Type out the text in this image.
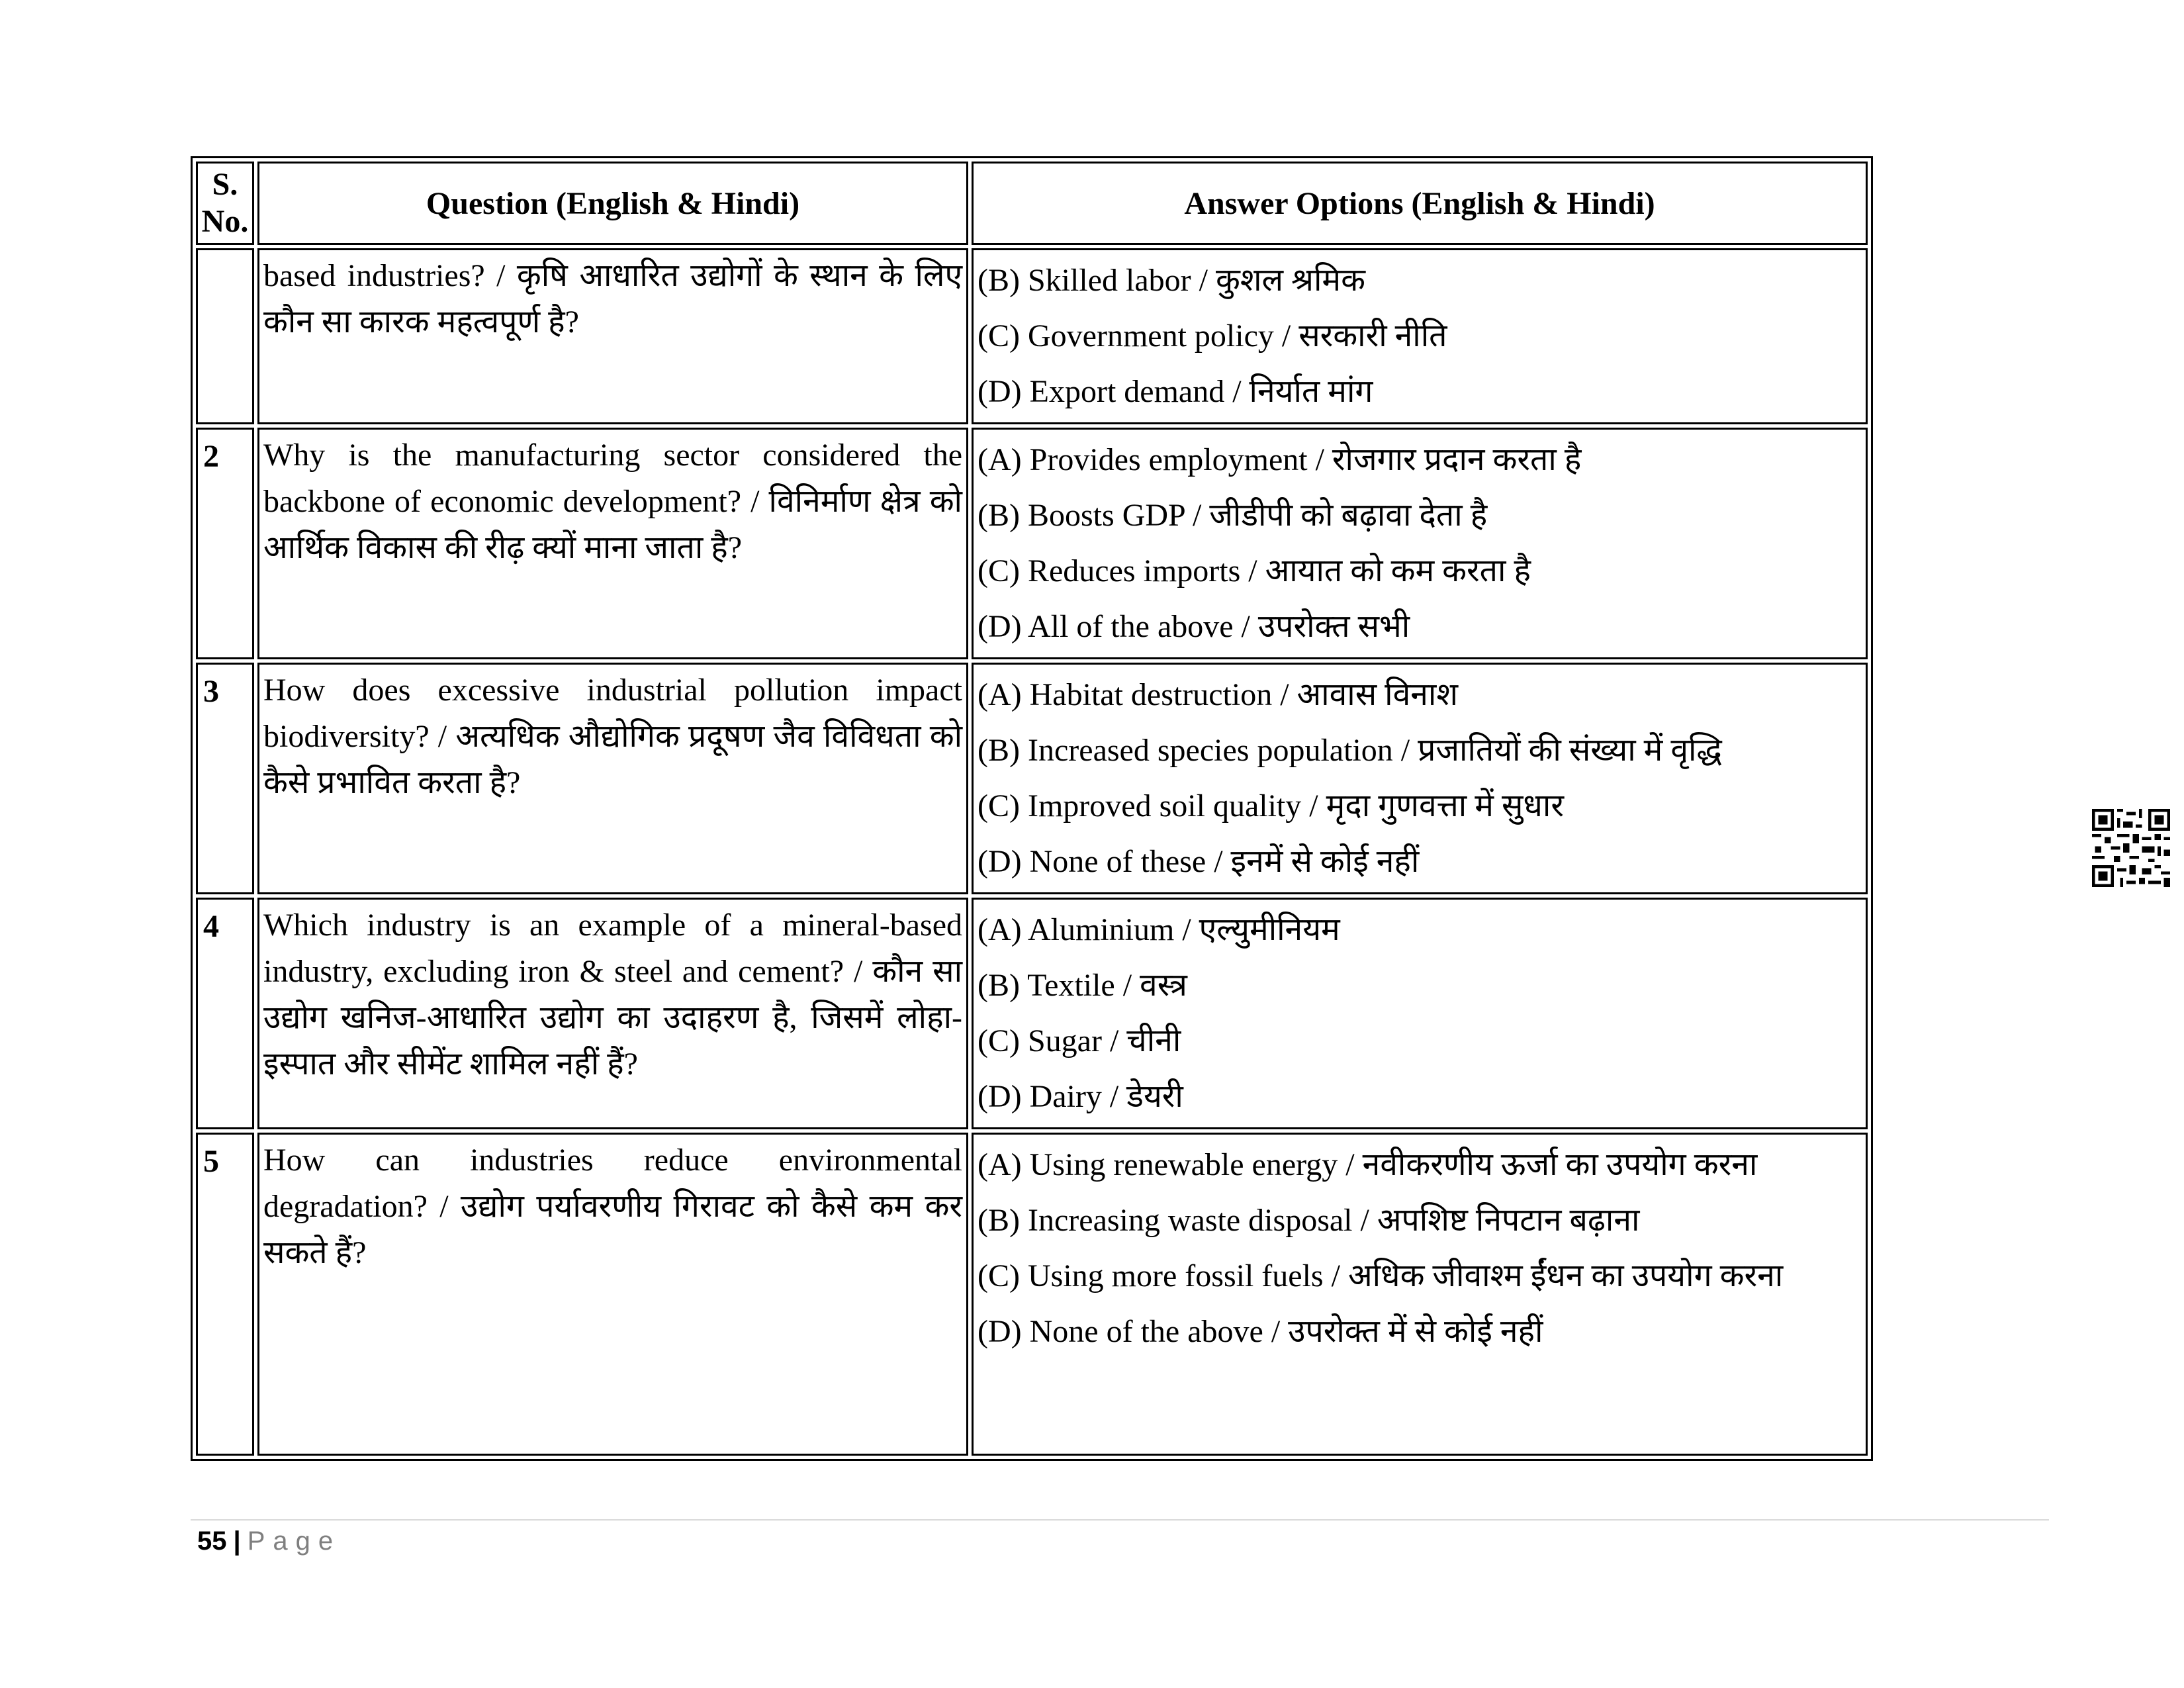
S. No.	Question (English & Hindi)	Answer Options (English & Hindi)
	based industries? / कृषि आधारित उद्योगों के स्थान के लिए कौन सा कारक महत्वपूर्ण है?	(B) Skilled labor / कुशल श्रमिक
(C) Government policy / सरकारी नीति
(D) Export demand / निर्यात मांग

2	Why is the manufacturing sector considered the backbone of economic development? / विनिर्माण क्षेत्र को आर्थिक विकास की रीढ़ क्यों माना जाता है?	(A) Provides employment / रोजगार प्रदान करता है
(B) Boosts GDP / जीडीपी को बढ़ावा देता है
(C) Reduces imports / आयात को कम करता है
(D) All of the above / उपरोक्त सभी

3	How does excessive industrial pollution impact biodiversity? / अत्यधिक औद्योगिक प्रदूषण जैव विविधता को कैसे प्रभावित करता है?	(A) Habitat destruction / आवास विनाश
(B) Increased species population / प्रजातियों की संख्या में वृद्धि
(C) Improved soil quality / मृदा गुणवत्ता में सुधार
(D) None of these / इनमें से कोई नहीं

4	Which industry is an example of a mineral-based industry, excluding iron & steel and cement? / कौन सा उद्योग खनिज-आधारित उद्योग का उदाहरण है, जिसमें लोहा-इस्पात और सीमेंट शामिल नहीं हैं?	(A) Aluminium / एल्युमीनियम
(B) Textile / वस्त्र
(C) Sugar / चीनी
(D) Dairy / डेयरी

5	How can industries reduce environmental degradation? / उद्योग पर्यावरणीय गिरावट को कैसे कम कर सकते हैं?	(A) Using renewable energy / नवीकरणीय ऊर्जा का उपयोग करना
(B) Increasing waste disposal / अपशिष्ट निपटान बढ़ाना
(C) Using more fossil fuels / अधिक जीवाश्म ईंधन का उपयोग करना
(D) None of the above / उपरोक्त में से कोई नहीं
55 | Page
